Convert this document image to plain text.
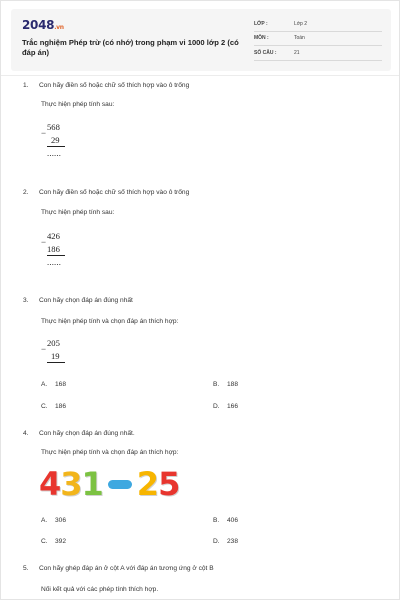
2048.vn
Trắc nghiệm Phép trừ (có nhớ) trong phạm vi 1000 lớp 2 (có đáp án)
LỚP :	Lớp 2
MÔN :	Toán
SỐ CÂU :	21
1. Con hãy điền số hoặc chữ số thích hợp vào ô trống
Thực hiện phép tính sau:
−
568
29
......
2. Con hãy điền số hoặc chữ số thích hợp vào ô trống
Thực hiện phép tính sau:
−
426
186
......
3. Con hãy chọn đáp án đúng nhất
Thực hiện phép tính và chọn đáp án thích hợp:
−
205
19
A. 168	B. 188
C. 186	D. 166
4. Con hãy chọn đáp án đúng nhất.
Thực hiện phép tính và chọn đáp án thích hợp:
4 3 1 2 5
A. 306	B. 406
C. 392	D. 238
5. Con hãy ghép đáp án ở cột A với đáp án tương ứng ở cột B
Nối kết quả với các phép tính thích hợp.
